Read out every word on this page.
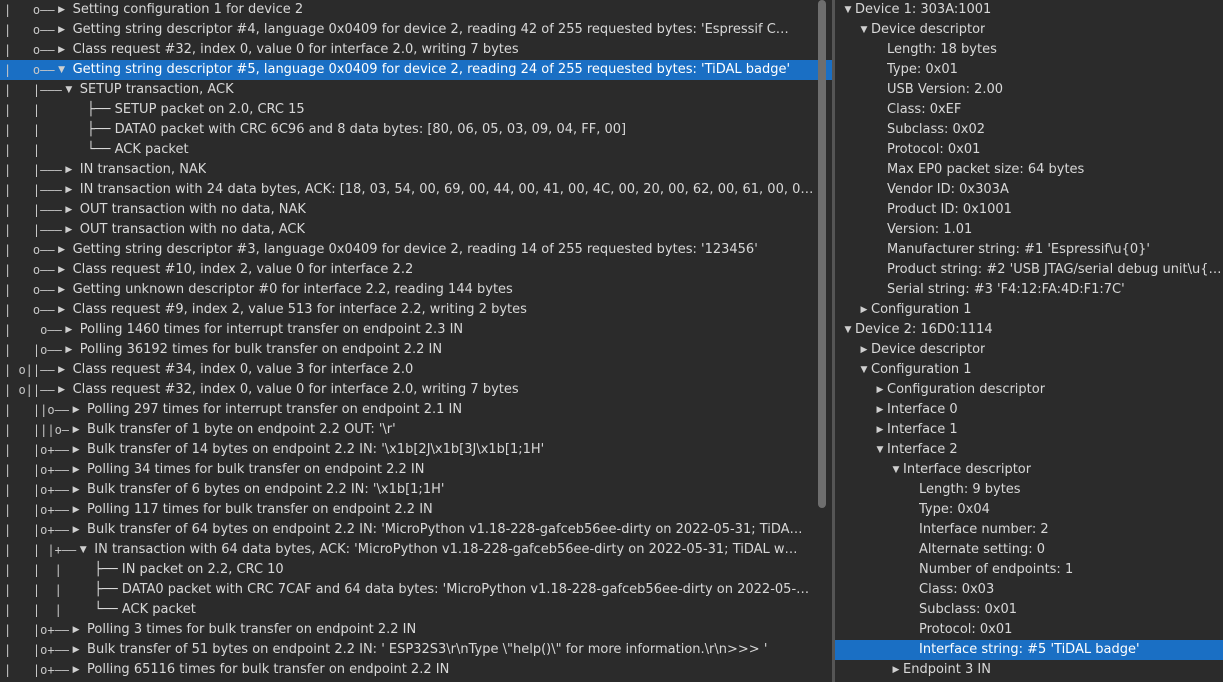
|   o—— ▶ Setting configuration 1 for device 2
|   o—— ▶ Getting string descriptor #4, language 0x0409 for device 2, reading 42 of 255 requested bytes: 'Espressif C…
|   o—— ▶ Class request #32, index 0, value 0 for interface 2.0, writing 7 bytes
|   o—— ▼ Getting string descriptor #5, language 0x0409 for device 2, reading 24 of 255 requested bytes: 'TiDAL badge'
|   |——— ▼ SETUP transaction, ACK
|   | ├── SETUP packet on 2.0, CRC 15
|   | ├── DATA0 packet with CRC 6C96 and 8 data bytes: [80, 06, 05, 03, 09, 04, FF, 00]
|   | └── ACK packet
|   |——— ▶ IN transaction, NAK
|   |——— ▶ IN transaction with 24 data bytes, ACK: [18, 03, 54, 00, 69, 00, 44, 00, 41, 00, 4C, 00, 20, 00, 62, 00, 61, 00, 0…
|   |——— ▶ OUT transaction with no data, NAK
|   |——— ▶ OUT transaction with no data, ACK
|   o—— ▶ Getting string descriptor #3, language 0x0409 for device 2, reading 14 of 255 requested bytes: '123456'
|   o—— ▶ Class request #10, index 2, value 0 for interface 2.2
|   o—— ▶ Getting unknown descriptor #0 for interface 2.2, reading 144 bytes
|   o—— ▶ Class request #9, index 2, value 513 for interface 2.2, writing 2 bytes
|    o—— ▶ Polling 1460 times for interrupt transfer on endpoint 2.3 IN
|   |o—— ▶ Polling 36192 times for bulk transfer on endpoint 2.2 IN
| o||—— ▶ Class request #34, index 0, value 3 for interface 2.0
| o||—— ▶ Class request #32, index 0, value 0 for interface 2.0, writing 7 bytes
|   ||o—— ▶ Polling 297 times for interrupt transfer on endpoint 2.1 IN
|   |||o— ▶ Bulk transfer of 1 byte on endpoint 2.2 OUT: '\r'
|   |o+—— ▶ Bulk transfer of 14 bytes on endpoint 2.2 IN: '\x1b[2J\x1b[3J\x1b[1;1H'
|   |o+—— ▶ Polling 34 times for bulk transfer on endpoint 2.2 IN
|   |o+—— ▶ Bulk transfer of 6 bytes on endpoint 2.2 IN: '\x1b[1;1H'
|   |o+—— ▶ Polling 117 times for bulk transfer on endpoint 2.2 IN
|   |o+—— ▶ Bulk transfer of 64 bytes on endpoint 2.2 IN: 'MicroPython v1.18-228-gafceb56ee-dirty on 2022-05-31; TiDA…
|   | |+—— ▼ IN transaction with 64 data bytes, ACK: 'MicroPython v1.18-228-gafceb56ee-dirty on 2022-05-31; TiDAL w…
|   |  | ├── IN packet on 2.2, CRC 10
|   |  | ├── DATA0 packet with CRC 7CAF and 64 data bytes: 'MicroPython v1.18-228-gafceb56ee-dirty on 2022-05-…
|   |  | └── ACK packet
|   |o+—— ▶ Polling 3 times for bulk transfer on endpoint 2.2 IN
|   |o+—— ▶ Bulk transfer of 51 bytes on endpoint 2.2 IN: ' ESP32S3\r\nType \"help()\" for more information.\r\n>>> '
|   |o+—— ▶ Polling 65116 times for bulk transfer on endpoint 2.2 IN
▼ Device 1: 303A:1001
▼ Device descriptor
Length: 18 bytes
Type: 0x01
USB Version: 2.00
Class: 0xEF
Subclass: 0x02
Protocol: 0x01
Max EP0 packet size: 64 bytes
Vendor ID: 0x303A
Product ID: 0x1001
Version: 1.01
Manufacturer string: #1 'Espressif\u{0}'
Product string: #2 'USB JTAG/serial debug unit\u{…
Serial string: #3 'F4:12:FA:4D:F1:7C'
▶ Configuration 1
▼ Device 2: 16D0:1114
▶ Device descriptor
▼ Configuration 1
▶ Configuration descriptor
▶ Interface 0
▶ Interface 1
▼ Interface 2
▼ Interface descriptor
Length: 9 bytes
Type: 0x04
Interface number: 2
Alternate setting: 0
Number of endpoints: 1
Class: 0x03
Subclass: 0x01
Protocol: 0x01
Interface string: #5 'TiDAL badge'
▶ Endpoint 3 IN
